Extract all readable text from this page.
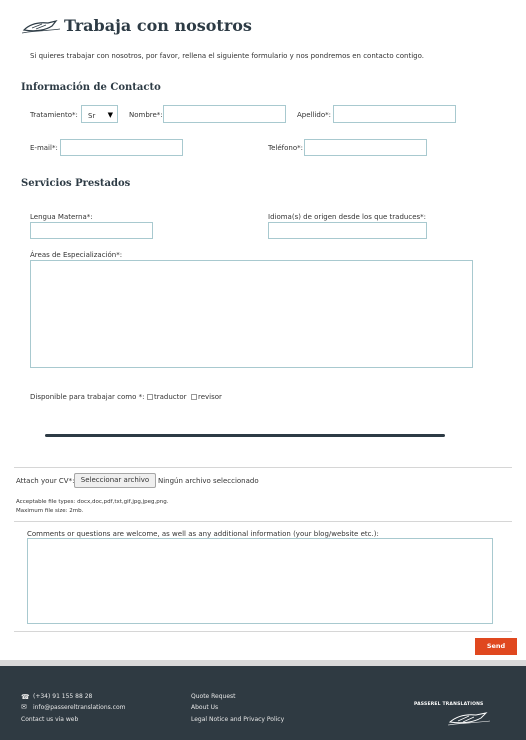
Trabaja con nosotros
Si quieres trabajar con nosotros, por favor, rellena el siguiente formulario y nos pondremos en contacto contigo.
Información de Contacto
Tratamiento*:	Sr ▼ Nombre*:	Apellido*:
E-mail*:	Teléfono*:
Servicios Prestados
Lengua Materna*:	Idioma(s) de origen desde los que traduces*:
Áreas de Especialización*:
Disponible para trabajar como *:	traductor	revisor
Attach your CV*: Seleccionar archivo	Ningún archivo seleccionado
Acceptable file types: docx,doc,pdf,txt,gif,jpg,jpeg,png.
Maximum file size: 2mb.
Comments or questions are welcome, as well as any additional information (your blog/website etc.):
Send
☎ (+34) 91 155 88 28
✉ info@passereltranslations.com
Contact us via web
Quote Request
About Us
Legal Notice and Privacy Policy
PASSEREL TRANSLATIONS
